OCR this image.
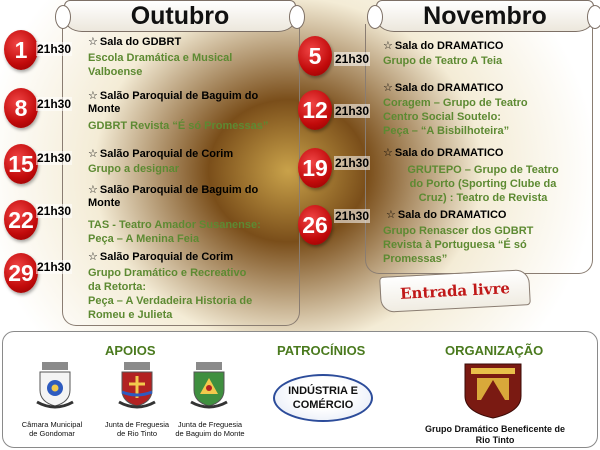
Outubro	Novembro
1 21h30 ☆ Sala do GDBRT
Escola Dramática e Musical
Valboense
8 21h30
☆ Salão Paroquial de Baguim do
Monte
GDBRT Revista “É só Promessas”
15 21h30 ☆ Salão Paroquial de Corim
Grupo a designar
22 21h30
☆ Salão Paroquial de Baguim do
Monte
TAS - Teatro Amador Susanense:
Peça – A Menina Feia
29 21h30
☆ Salão Paroquial de Corim
Grupo Dramático e Recreativo
da Retorta:
Peça – A Verdadeira Historia de
Romeu e Julieta
5	21h30
☆ Sala do DRAMATICO
Grupo de Teatro A Teia
12 21h30
☆ Sala do DRAMATICO
Coragem – Grupo de Teatro
Centro Social Soutelo:
Peça – “A Bisbilhoteira”
19 21h30
☆ Sala do DRAMATICO
GRUTEPO – Grupo de Teatro
do Porto (Sporting Clube da
Cruz) : Teatro de Revista
26 21h30 ☆ Sala do DRAMATICO
Grupo Renascer dos GDBRT
Revista à Portuguesa “É só
Promessas”
Entrada livre
APOIOS	PATROCÍNIOS	ORGANIZAÇÃO
Câmara Municipal
de Gondomar
Junta de Freguesia
de Rio Tinto
Junta de Freguesia
de Baguim do Monte
INDÚSTRIA E
COMÉRCIO
Grupo Dramático Beneficente de
Rio Tinto
